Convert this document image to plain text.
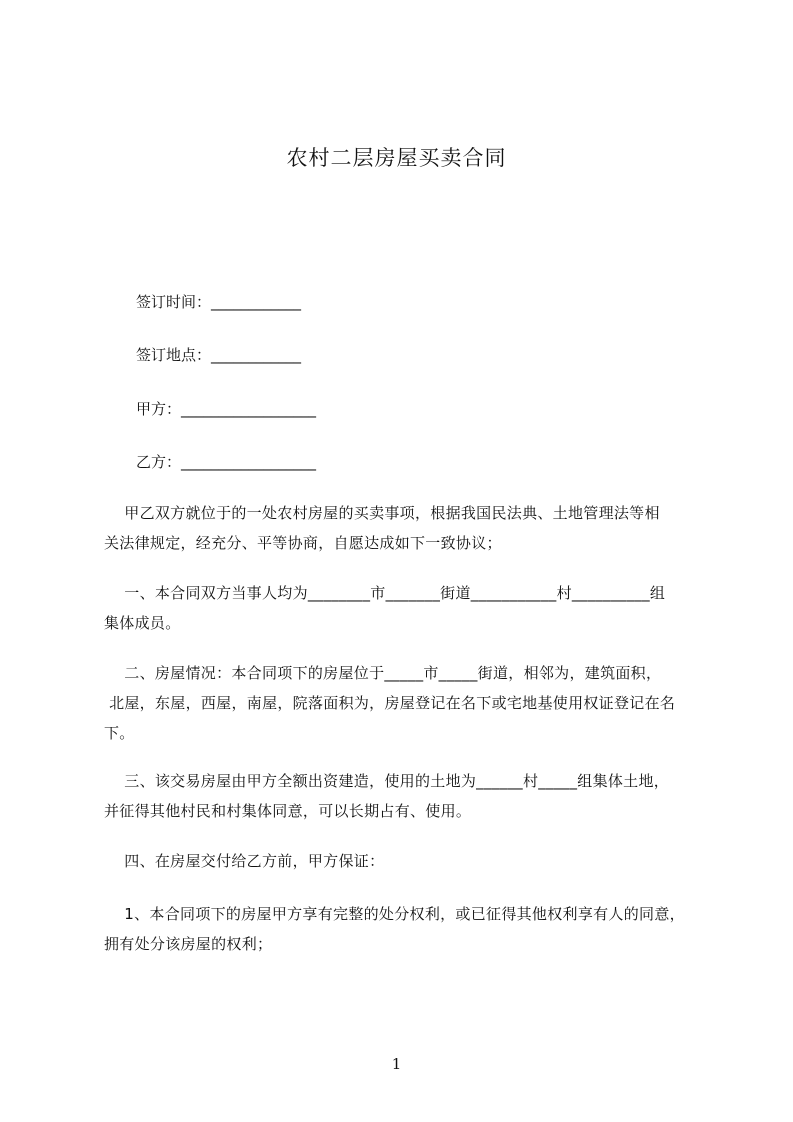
农村二层房屋买卖合同
签订时间：____________
签订地点：____________
甲方：__________________
乙方：__________________
甲乙双方就位于的一处农村房屋的买卖事项，根据我国民法典、土地管理法等相
关法律规定，经充分、平等协商，自愿达成如下一致协议；
一、本合同双方当事人均为________市_______街道___________村__________组
集体成员。
二、房屋情况：本合同项下的房屋位于_____市_____街道，相邻为，建筑面积，
北屋，东屋，西屋，南屋，院落面积为，房屋登记在名下或宅地基使用权证登记在名
下。
三、该交易房屋由甲方全额出资建造，使用的土地为______村_____组集体土地，
并征得其他村民和村集体同意，可以长期占有、使用。
四、在房屋交付给乙方前，甲方保证：
1、本合同项下的房屋甲方享有完整的处分权利，或已征得其他权利享有人的同意，
拥有处分该房屋的权利；
1
